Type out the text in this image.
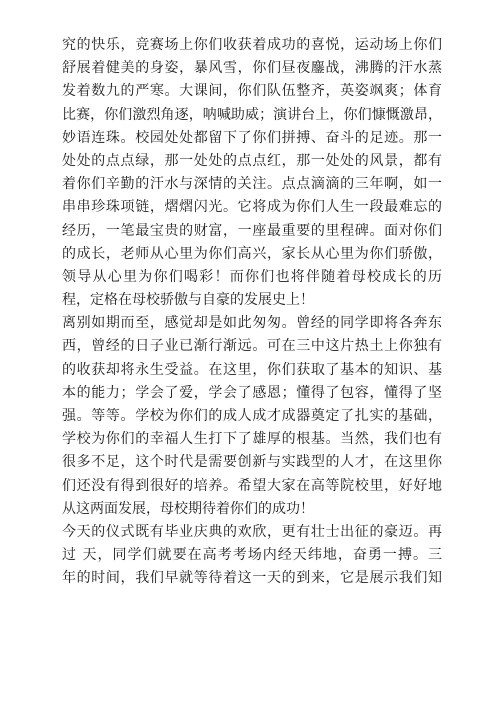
究的快乐，竞赛场上你们收获着成功的喜悦，运动场上你们
舒展着健美的身姿，暴风雪，你们昼夜鏖战，沸腾的汗水蒸
发着数九的严寒。大课间，你们队伍整齐，英姿飒爽；体育
比赛，你们激烈角逐，呐喊助威；演讲台上，你们慷慨激昂，
妙语连珠。校园处处都留下了你们拼搏、奋斗的足迹。那一
处处的点点绿，那一处处的点点红，那一处处的风景，都有
着你们辛勤的汗水与深情的关注。点点滴滴的三年啊，如一
串串珍珠项链，熠熠闪光。它将成为你们人生一段最难忘的
经历，一笔最宝贵的财富，一座最重要的里程碑。面对你们
的成长，老师从心里为你们高兴，家长从心里为你们骄傲，
领导从心里为你们喝彩！而你们也将伴随着母校成长的历
程，定格在母校骄傲与自豪的发展史上！
离别如期而至，感觉却是如此匆匆。曾经的同学即将各奔东
西，曾经的日子业已渐行渐远。可在三中这片热土上你独有
的收获却将永生受益。在这里，你们获取了基本的知识、基
本的能力；学会了爱，学会了感恩；懂得了包容，懂得了坚
强。等等。学校为你们的成人成才成器奠定了扎实的基础，
学校为你们的幸福人生打下了雄厚的根基。当然，我们也有
很多不足，这个时代是需要创新与实践型的人才，在这里你
们还没有得到很好的培养。希望大家在高等院校里，好好地
从这两面发展，母校期待着你们的成功！
今天的仪式既有毕业庆典的欢欣，更有壮士出征的豪迈。再
过 天，同学们就要在高考考场内经天纬地，奋勇一搏。三
年的时间，我们早就等待着这一天的到来，它是展示我们知
